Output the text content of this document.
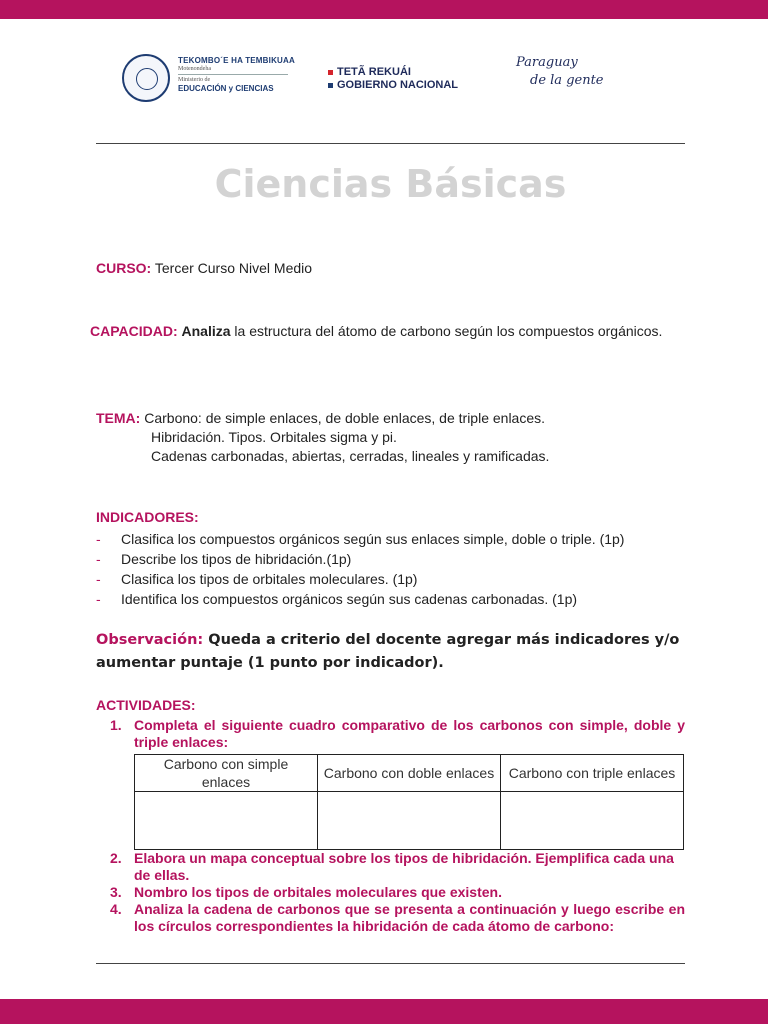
TEKOMBO´E HA TEMBIKUAA
Motenondeha
Ministerio de
EDUCACIÓN y CIENCIAS
TETÃ REKUÁI
GOBIERNO NACIONAL
Paraguay
de la gente
Ciencias Básicas
CURSO: Tercer Curso Nivel Medio
CAPACIDAD: Analiza la estructura del átomo de carbono según los compuestos orgánicos.
TEMA: Carbono: de simple enlaces, de doble enlaces, de triple enlaces.
Hibridación. Tipos. Orbitales sigma y pi.
Cadenas carbonadas, abiertas, cerradas, lineales y ramificadas.
INDICADORES:
- Clasifica los compuestos orgánicos según sus enlaces simple, doble o triple. (1p)
- Describe los tipos de hibridación.(1p)
- Clasifica los tipos de orbitales moleculares. (1p)
- Identifica los compuestos orgánicos según sus cadenas carbonadas. (1p)
Observación: Queda a criterio del docente agregar más indicadores y/o aumentar puntaje (1 punto por indicador).
ACTIVIDADES:
1. Completa el siguiente cuadro comparativo de los carbonos con simple, doble y triple enlaces:
Carbono con simple enlaces	Carbono con doble enlaces	Carbono con triple enlaces

2. Elabora un mapa conceptual sobre los tipos de hibridación. Ejemplifica cada una de ellas.
3. Nombro los tipos de orbitales moleculares que existen.
4. Analiza la cadena de carbonos que se presenta a continuación y luego escribe en los círculos correspondientes la hibridación de cada átomo de carbono:
